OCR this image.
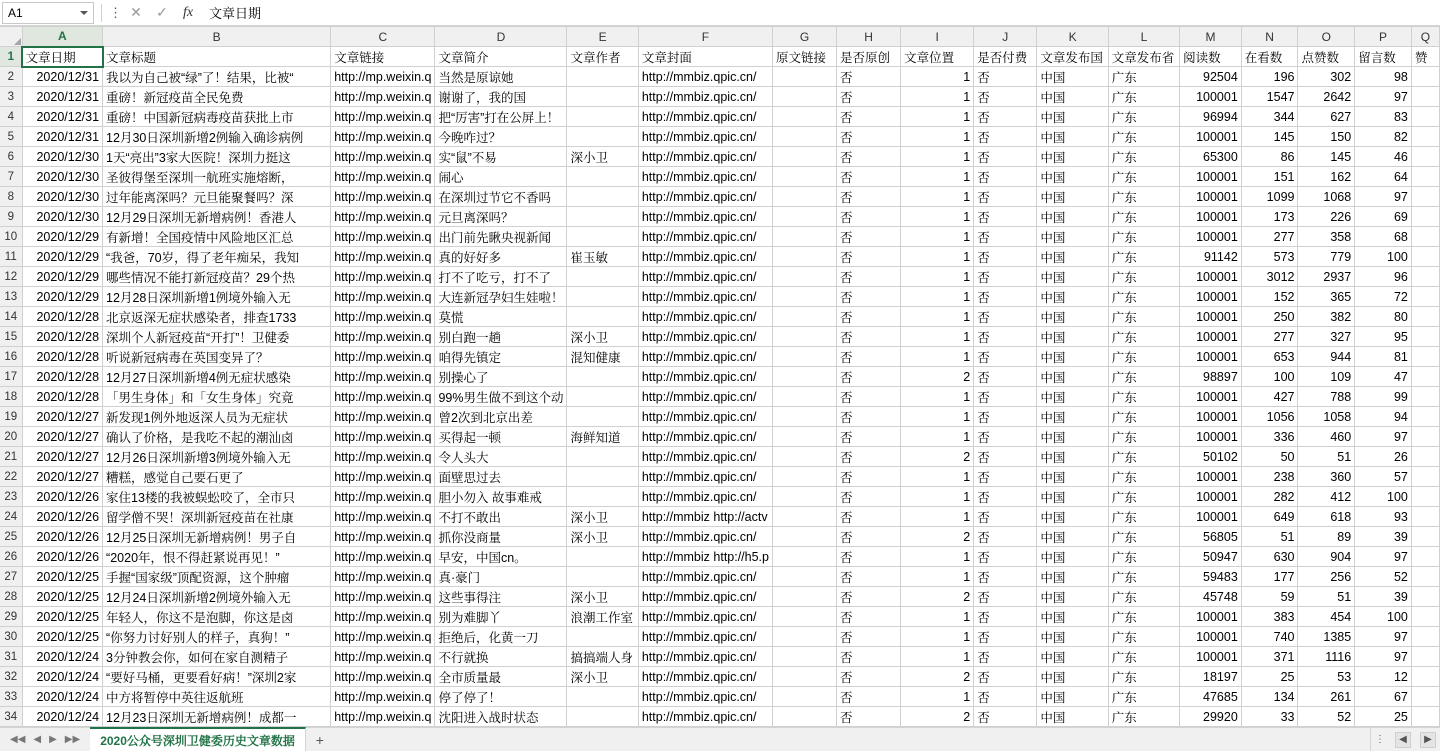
A1	⋮ ✕	✓	fx	文章日期
	A	B	C	D	E	F	G	H	I	J	K	L	M	N	O	P	Q
1	文章日期	文章标题	文章链接	文章简介	文章作者	文章封面	原文链接	是否原创	文章位置	是否付费	文章发布国	文章发布省	阅读数	在看数	点赞数	留言数	赞
2	2020/12/31	我以为自己被“绿”了！结果，比被“	http://mp.weixin.q	当然是原谅她		http://mmbiz.qpic.cn/		否	1	否	中国	广东	92504	196	302	98	
3	2020/12/31	重磅！新冠疫苗全民免费	http://mp.weixin.q	谢谢了，我的国		http://mmbiz.qpic.cn/		否	1	否	中国	广东	100001	1547	2642	97	
4	2020/12/31	重磅！中国新冠病毒疫苗获批上市	http://mp.weixin.q	把“厉害”打在公屏上！		http://mmbiz.qpic.cn/		否	1	否	中国	广东	96994	344	627	83	
5	2020/12/31	12月30日深圳新增2例输入确诊病例	http://mp.weixin.q	今晚咋过？		http://mmbiz.qpic.cn/		否	1	否	中国	广东	100001	145	150	82	
6	2020/12/30	1天“亮出”3家大医院！深圳力挺这	http://mp.weixin.q	实“鼠”不易	深小卫	http://mmbiz.qpic.cn/		否	1	否	中国	广东	65300	86	145	46	
7	2020/12/30	圣彼得堡至深圳一航班实施熔断，	http://mp.weixin.q	闹心		http://mmbiz.qpic.cn/		否	1	否	中国	广东	100001	151	162	64	
8	2020/12/30	过年能离深吗？元旦能聚餐吗？深	http://mp.weixin.q	在深圳过节它不香吗		http://mmbiz.qpic.cn/		否	1	否	中国	广东	100001	1099	1068	97	
9	2020/12/30	12月29日深圳无新增病例！香港人	http://mp.weixin.q	元旦离深吗？		http://mmbiz.qpic.cn/		否	1	否	中国	广东	100001	173	226	69	
10	2020/12/29	有新增！全国疫情中风险地区汇总	http://mp.weixin.q	出门前先瞅央视新闻		http://mmbiz.qpic.cn/		否	1	否	中国	广东	100001	277	358	68	
11	2020/12/29	“我爸，70岁，得了老年痴呆，我知	http://mp.weixin.q	真的好好多	崔玉敏	http://mmbiz.qpic.cn/		否	1	否	中国	广东	91142	573	779	100	
12	2020/12/29	哪些情况不能打新冠疫苗？29个热	http://mp.weixin.q	打不了吃亏，打不了		http://mmbiz.qpic.cn/		否	1	否	中国	广东	100001	3012	2937	96	
13	2020/12/29	12月28日深圳新增1例境外输入无	http://mp.weixin.q	大连新冠孕妇生娃啦！		http://mmbiz.qpic.cn/		否	1	否	中国	广东	100001	152	365	72	
14	2020/12/28	北京返深无症状感染者，排查1733	http://mp.weixin.q	莫慌		http://mmbiz.qpic.cn/		否	1	否	中国	广东	100001	250	382	80	
15	2020/12/28	深圳个人新冠疫苗“开打”！卫健委	http://mp.weixin.q	别白跑一趟	深小卫	http://mmbiz.qpic.cn/		否	1	否	中国	广东	100001	277	327	95	
16	2020/12/28	听说新冠病毒在英国变异了？	http://mp.weixin.q	咱得先镇定	混知健康	http://mmbiz.qpic.cn/		否	1	否	中国	广东	100001	653	944	81	
17	2020/12/28	12月27日深圳新增4例无症状感染	http://mp.weixin.q	别操心了		http://mmbiz.qpic.cn/		否	2	否	中国	广东	98897	100	109	47	
18	2020/12/28	「男生身体」和「女生身体」究竟	http://mp.weixin.q	99%男生做不到这个动		http://mmbiz.qpic.cn/		否	1	否	中国	广东	100001	427	788	99	
19	2020/12/27	新发现1例外地返深人员为无症状	http://mp.weixin.q	曾2次到北京出差		http://mmbiz.qpic.cn/		否	1	否	中国	广东	100001	1056	1058	94	
20	2020/12/27	确认了价格，是我吃不起的潮汕卤	http://mp.weixin.q	买得起一顿	海鲜知道	http://mmbiz.qpic.cn/		否	1	否	中国	广东	100001	336	460	97	
21	2020/12/27	12月26日深圳新增3例境外输入无	http://mp.weixin.q	令人头大		http://mmbiz.qpic.cn/		否	2	否	中国	广东	50102	50	51	26	
22	2020/12/27	糟糕，感觉自己要石更了	http://mp.weixin.q	面壁思过去		http://mmbiz.qpic.cn/		否	1	否	中国	广东	100001	238	360	57	
23	2020/12/26	家住13楼的我被蜈蚣咬了，全市只	http://mp.weixin.q	胆小勿入 故事难戒		http://mmbiz.qpic.cn/		否	1	否	中国	广东	100001	282	412	100	
24	2020/12/26	留学僧不哭！深圳新冠疫苗在社康	http://mp.weixin.q	不打不敢出	深小卫	http://mmbiz http://actv		否	1	否	中国	广东	100001	649	618	93	
25	2020/12/26	12月25日深圳无新增病例！男子自	http://mp.weixin.q	抓你没商量	深小卫	http://mmbiz.qpic.cn/		否	2	否	中国	广东	56805	51	89	39	
26	2020/12/26	“2020年，恨不得赶紧说再见！”	http://mp.weixin.q	早安，中国cn。		http://mmbiz http://h5.p		否	1	否	中国	广东	50947	630	904	97	
27	2020/12/25	手握“国家级”顶配资源，这个肿瘤	http://mp.weixin.q	真·豪门		http://mmbiz.qpic.cn/		否	1	否	中国	广东	59483	177	256	52	
28	2020/12/25	12月24日深圳新增2例境外输入无	http://mp.weixin.q	这些事得注	深小卫	http://mmbiz.qpic.cn/		否	2	否	中国	广东	45748	59	51	39	
29	2020/12/25	年轻人，你这不是泡脚，你这是卤	http://mp.weixin.q	别为难脚丫	浪潮工作室	http://mmbiz.qpic.cn/		否	1	否	中国	广东	100001	383	454	100	
30	2020/12/25	“你努力讨好别人的样子，真狗！”	http://mp.weixin.q	拒绝后，化黄一刀		http://mmbiz.qpic.cn/		否	1	否	中国	广东	100001	740	1385	97	
31	2020/12/24	3分钟教会你，如何在家自测精子	http://mp.weixin.q	不行就换	搞搞端人身	http://mmbiz.qpic.cn/		否	1	否	中国	广东	100001	371	1116	97	
32	2020/12/24	“要好马桶，更要看好病！”深圳2家	http://mp.weixin.q	全市质量最	深小卫	http://mmbiz.qpic.cn/		否	2	否	中国	广东	18197	25	53	12	
33	2020/12/24	中方将暂停中英往返航班	http://mp.weixin.q	停了停了！		http://mmbiz.qpic.cn/		否	1	否	中国	广东	47685	134	261	67	
34	2020/12/24	12月23日深圳无新增病例！成都一	http://mp.weixin.q	沈阳进入战时状态		http://mmbiz.qpic.cn/		否	2	否	中国	广东	29920	33	52	25	
◀◀ ◀ ▶ ▶▶	2020公众号深圳卫健委历史文章数据	+	⋮	◀	▶
